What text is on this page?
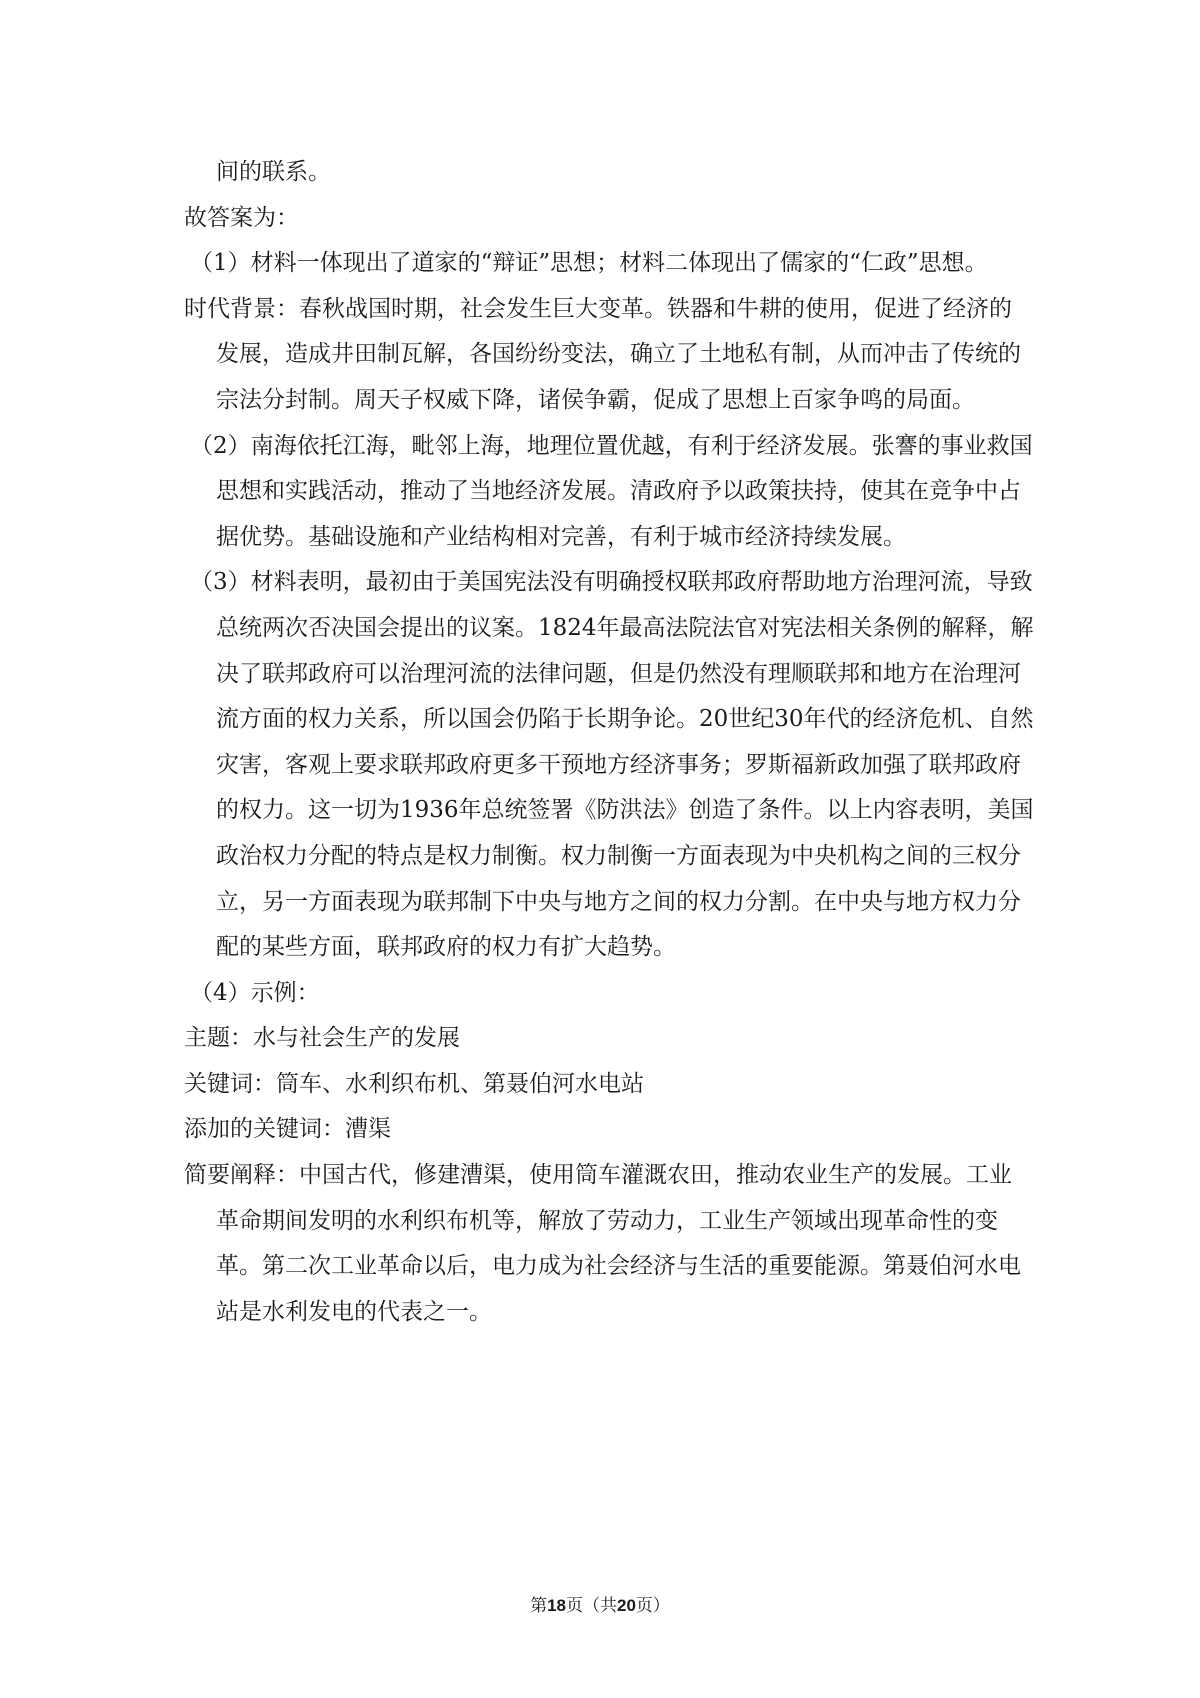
间的联系。

故答案为：

（1）材料一体现出了道家的“辩证”思想；材料二体现出了儒家的“仁政”思想。

时代背景：春秋战国时期，社会发生巨大变革。铁器和牛耕的使用，促进了经济的发展，造成井田制瓦解，各国纷纷变法，确立了土地私有制，从而冲击了传统的宗法分封制。周天子权威下降，诸侯争霸，促成了思想上百家争鸣的局面。

（2）南海依托江海，毗邻上海，地理位置优越，有利于经济发展。张謇的事业救国思想和实践活动，推动了当地经济发展。清政府予以政策扶持，使其在竞争中占据优势。基础设施和产业结构相对完善，有利于城市经济持续发展。

（3）材料表明，最初由于美国宪法没有明确授权联邦政府帮助地方治理河流，导致总统两次否决国会提出的议案。1824年最高法院法官对宪法相关条例的解释，解决了联邦政府可以治理河流的法律问题，但是仍然没有理顺联邦和地方在治理河流方面的权力关系，所以国会仍陷于长期争论。20世纪30年代的经济危机、自然灾害，客观上要求联邦政府更多干预地方经济事务；罗斯福新政加强了联邦政府的权力。这一切为1936年总统签署《防洪法》创造了条件。以上内容表明，美国政治权力分配的特点是权力制衡。权力制衡一方面表现为中央机构之间的三权分立，另一方面表现为联邦制下中央与地方之间的权力分割。在中央与地方权力分配的某些方面，联邦政府的权力有扩大趋势。

（4）示例：

主题：水与社会生产的发展

关键词：筒车、水利织布机、第聂伯河水电站

添加的关键词：漕渠

简要阐释：中国古代，修建漕渠，使用筒车灌溉农田，推动农业生产的发展。工业革命期间发明的水利织布机等，解放了劳动力，工业生产领域出现革命性的变革。第二次工业革命以后，电力成为社会经济与生活的重要能源。第聂伯河水电站是水利发电的代表之一。

第18页（共20页）
